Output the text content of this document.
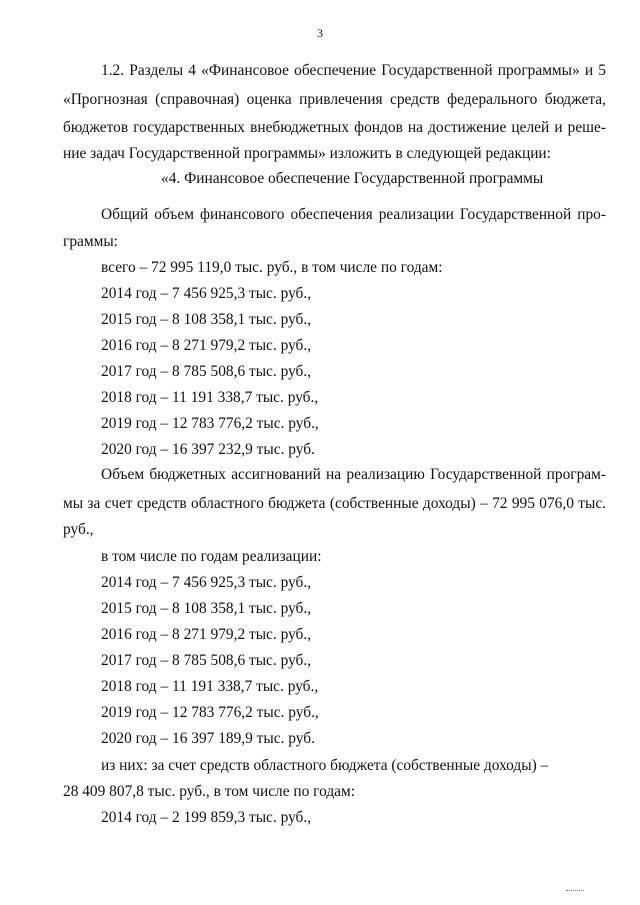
3
1.2. Разделы 4 «Финансовое обеспечение Государственной программы» и 5
«Прогнозная (справочная) оценка привлечения средств федерального бюджета,
бюджетов государственных внебюджетных фондов на достижение целей и реше-
ние задач Государственной программы» изложить в следующей редакции:
«4. Финансовое обеспечение Государственной программы
Общий объем финансового обеспечения реализации Государственной про-
граммы:
всего – 72 995 119,0 тыс. руб., в том числе по годам:
2014 год – 7 456 925,3 тыс. руб.,
2015 год – 8 108 358,1 тыс. руб.,
2016 год – 8 271 979,2 тыс. руб.,
2017 год – 8 785 508,6 тыс. руб.,
2018 год – 11 191 338,7 тыс. руб.,
2019 год – 12 783 776,2 тыс. руб.,
2020 год – 16 397 232,9 тыс. руб.
Объем бюджетных ассигнований на реализацию Государственной програм-
мы за счет средств областного бюджета (собственные доходы) – 72 995 076,0 тыс.
руб.,
в том числе по годам реализации:
2014 год – 7 456 925,3 тыс. руб.,
2015 год – 8 108 358,1 тыс. руб.,
2016 год – 8 271 979,2 тыс. руб.,
2017 год – 8 785 508,6 тыс. руб.,
2018 год – 11 191 338,7 тыс. руб.,
2019 год – 12 783 776,2 тыс. руб.,
2020 год – 16 397 189,9 тыс. руб.
из них: за счет средств областного бюджета (собственные доходы) –
28 409 807,8 тыс. руб., в том числе по годам:
2014 год – 2 199 859,3 тыс. руб.,
